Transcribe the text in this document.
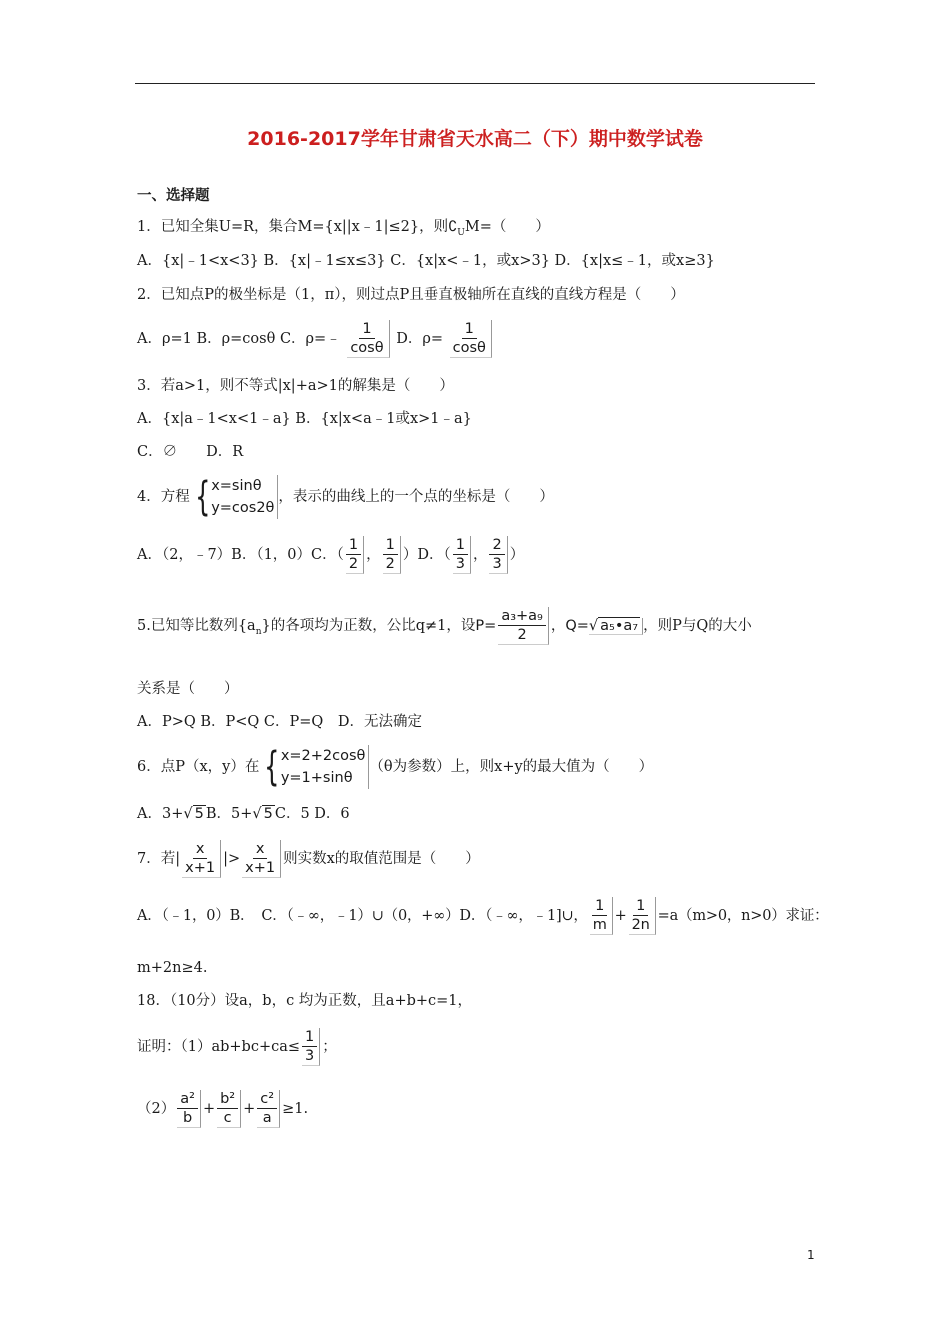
2016-2017学年甘肃省天水高二（下）期中数学试卷
一、选择题
1．已知全集U=R，集合M={x||x﹣1|≤2}，则$∁_UM=$（　　）
A．{x|﹣1<x<3} B．{x|﹣1≤x≤3} C．{x|x<﹣1，或x>3} D．{x|x≤﹣1，或x≥3}
2．已知点P的极坐标是（1，π），则过点P且垂直极轴所在直线的直线方程是（　　）
A．ρ=1 B．ρ=cosθ C．ρ=﹣ $\frac{1}{\cos\theta}$ D．$\rho= \frac{1}{\cos\theta}$
3．若a>1，则不等式|x|+a>1的解集是（　　）
A．{x|a﹣1<x<1﹣a} B．{x|x<a﹣1或x>1﹣a}
C．∅　　D．R
4．方程 { x=sinθ
y=cos2θ
，表示的曲线上的一个点的坐标是（　　）
A．（2，﹣7）B．（1，0）C．（ $\frac{1}{2}$ ， $\frac{1}{2} )D$．（ $\frac{1}{3}$ ， $\frac{2}{3}$ ）
5.已知等比数列$\{a_n\}$的各项均为正数，公比q≠1，设$P= \frac{\text{a₃+a₉}}{2}$ ，Q=√ a₅•a₇ ，则P与Q的大小
关系是（　　）
A．P>Q B．P<Q C．P=Q　D．无法确定
6．点P（x，y）在 { x=2+2cosθ
y=1+sinθ
（θ为参数）上，则x+y的最大值为（　　）
A．3+√ 5 B．5+√ 5 C．5 D．6
7．若| $\frac{x}{x+1}$ |> $\frac{x}{x+1}$ 则实数x的取值范围是（　　）
A．（﹣1，0）B．　C．（﹣∞，﹣1）∪（0，+∞）D．（﹣∞，﹣1]∪， $\frac{1}{m} + \frac{1}{2n} =a(m>0$，n>0）求证：
m+2n≥4.
18．（10分）设a，b，c 均为正数，且a+b+c=1，
证明：$(1)ab+bc+ca\le \frac{1}{3}$ ；
$(2) \frac{\text{a²}}{b} + \frac{\text{b²}}{c} + \frac{\text{c²}}{a} \ge 1$.
1
